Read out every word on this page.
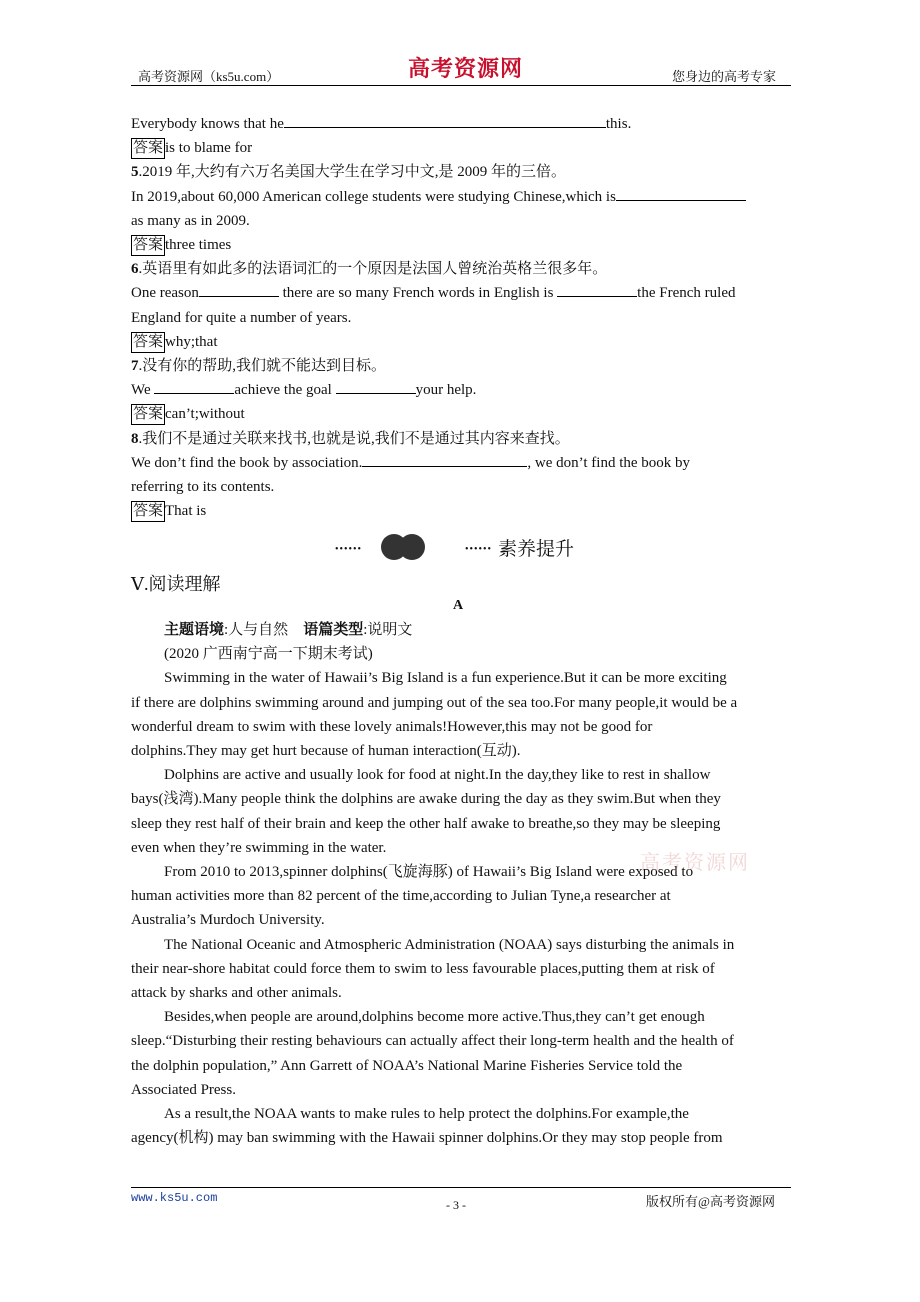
高考资源网（ks5u.com）	高考资源网	您身边的高考专家
Everybody knows that he	this.
答案 is to blame for
5.2019 年,大约有六万名美国大学生在学习中文,是 2009 年的三倍。
In 2019,about 60,000 American college students were studying Chinese,which is
as many as in 2009.
答案 three times
6.英语里有如此多的法语词汇的一个原因是法国人曾统治英格兰很多年。
One reason	there are so many French words in English is	the French ruled
England for quite a number of years.
答案 why;that
7.没有你的帮助,我们就不能达到目标。
We	achieve the goal	your help.
答案 can’t;without
8.我们不是通过关联来找书,也就是说,我们不是通过其内容来查找。
We don’t find the book by association.	, we don’t find the book by
referring to its contents.
答案 That is
••••••	•••••• 素养提升
Ⅴ.阅读理解
A
主题语境:人与自然 语篇类型:说明文
(2020 广西南宁高一下期末考试)
Swimming in the water of Hawaii’s Big Island is a fun experience.But it can be more exciting
if there are dolphins swimming around and jumping out of the sea too.For many people,it would be a
wonderful dream to swim with these lovely animals!However,this may not be good for
dolphins.They may get hurt because of human interaction(互动).
Dolphins are active and usually look for food at night.In the day,they like to rest in shallow
bays(浅湾).Many people think the dolphins are awake during the day as they swim.But when they
sleep they rest half of their brain and keep the other half awake to breathe,so they may be sleeping
even when they’re swimming in the water.
From 2010 to 2013,spinner dolphins(飞旋海豚) of Hawaii’s Big Island were exposed to
human activities more than 82 percent of the time,according to Julian Tyne,a researcher at
Australia’s Murdoch University.
The National Oceanic and Atmospheric Administration (NOAA) says disturbing the animals in
their near-shore habitat could force them to swim to less favourable places,putting them at risk of
attack by sharks and other animals.
Besides,when people are around,dolphins become more active.Thus,they can’t get enough
sleep.“Disturbing their resting behaviours can actually affect their long-term health and the health of
the dolphin population,” Ann Garrett of NOAA’s National Marine Fisheries Service told the
Associated Press.
As a result,the NOAA wants to make rules to help protect the dolphins.For example,the
agency(机构) may ban swimming with the Hawaii spinner dolphins.Or they may stop people from
高考资源网
www.ks5u.com	- 3 -	版权所有@高考资源网
